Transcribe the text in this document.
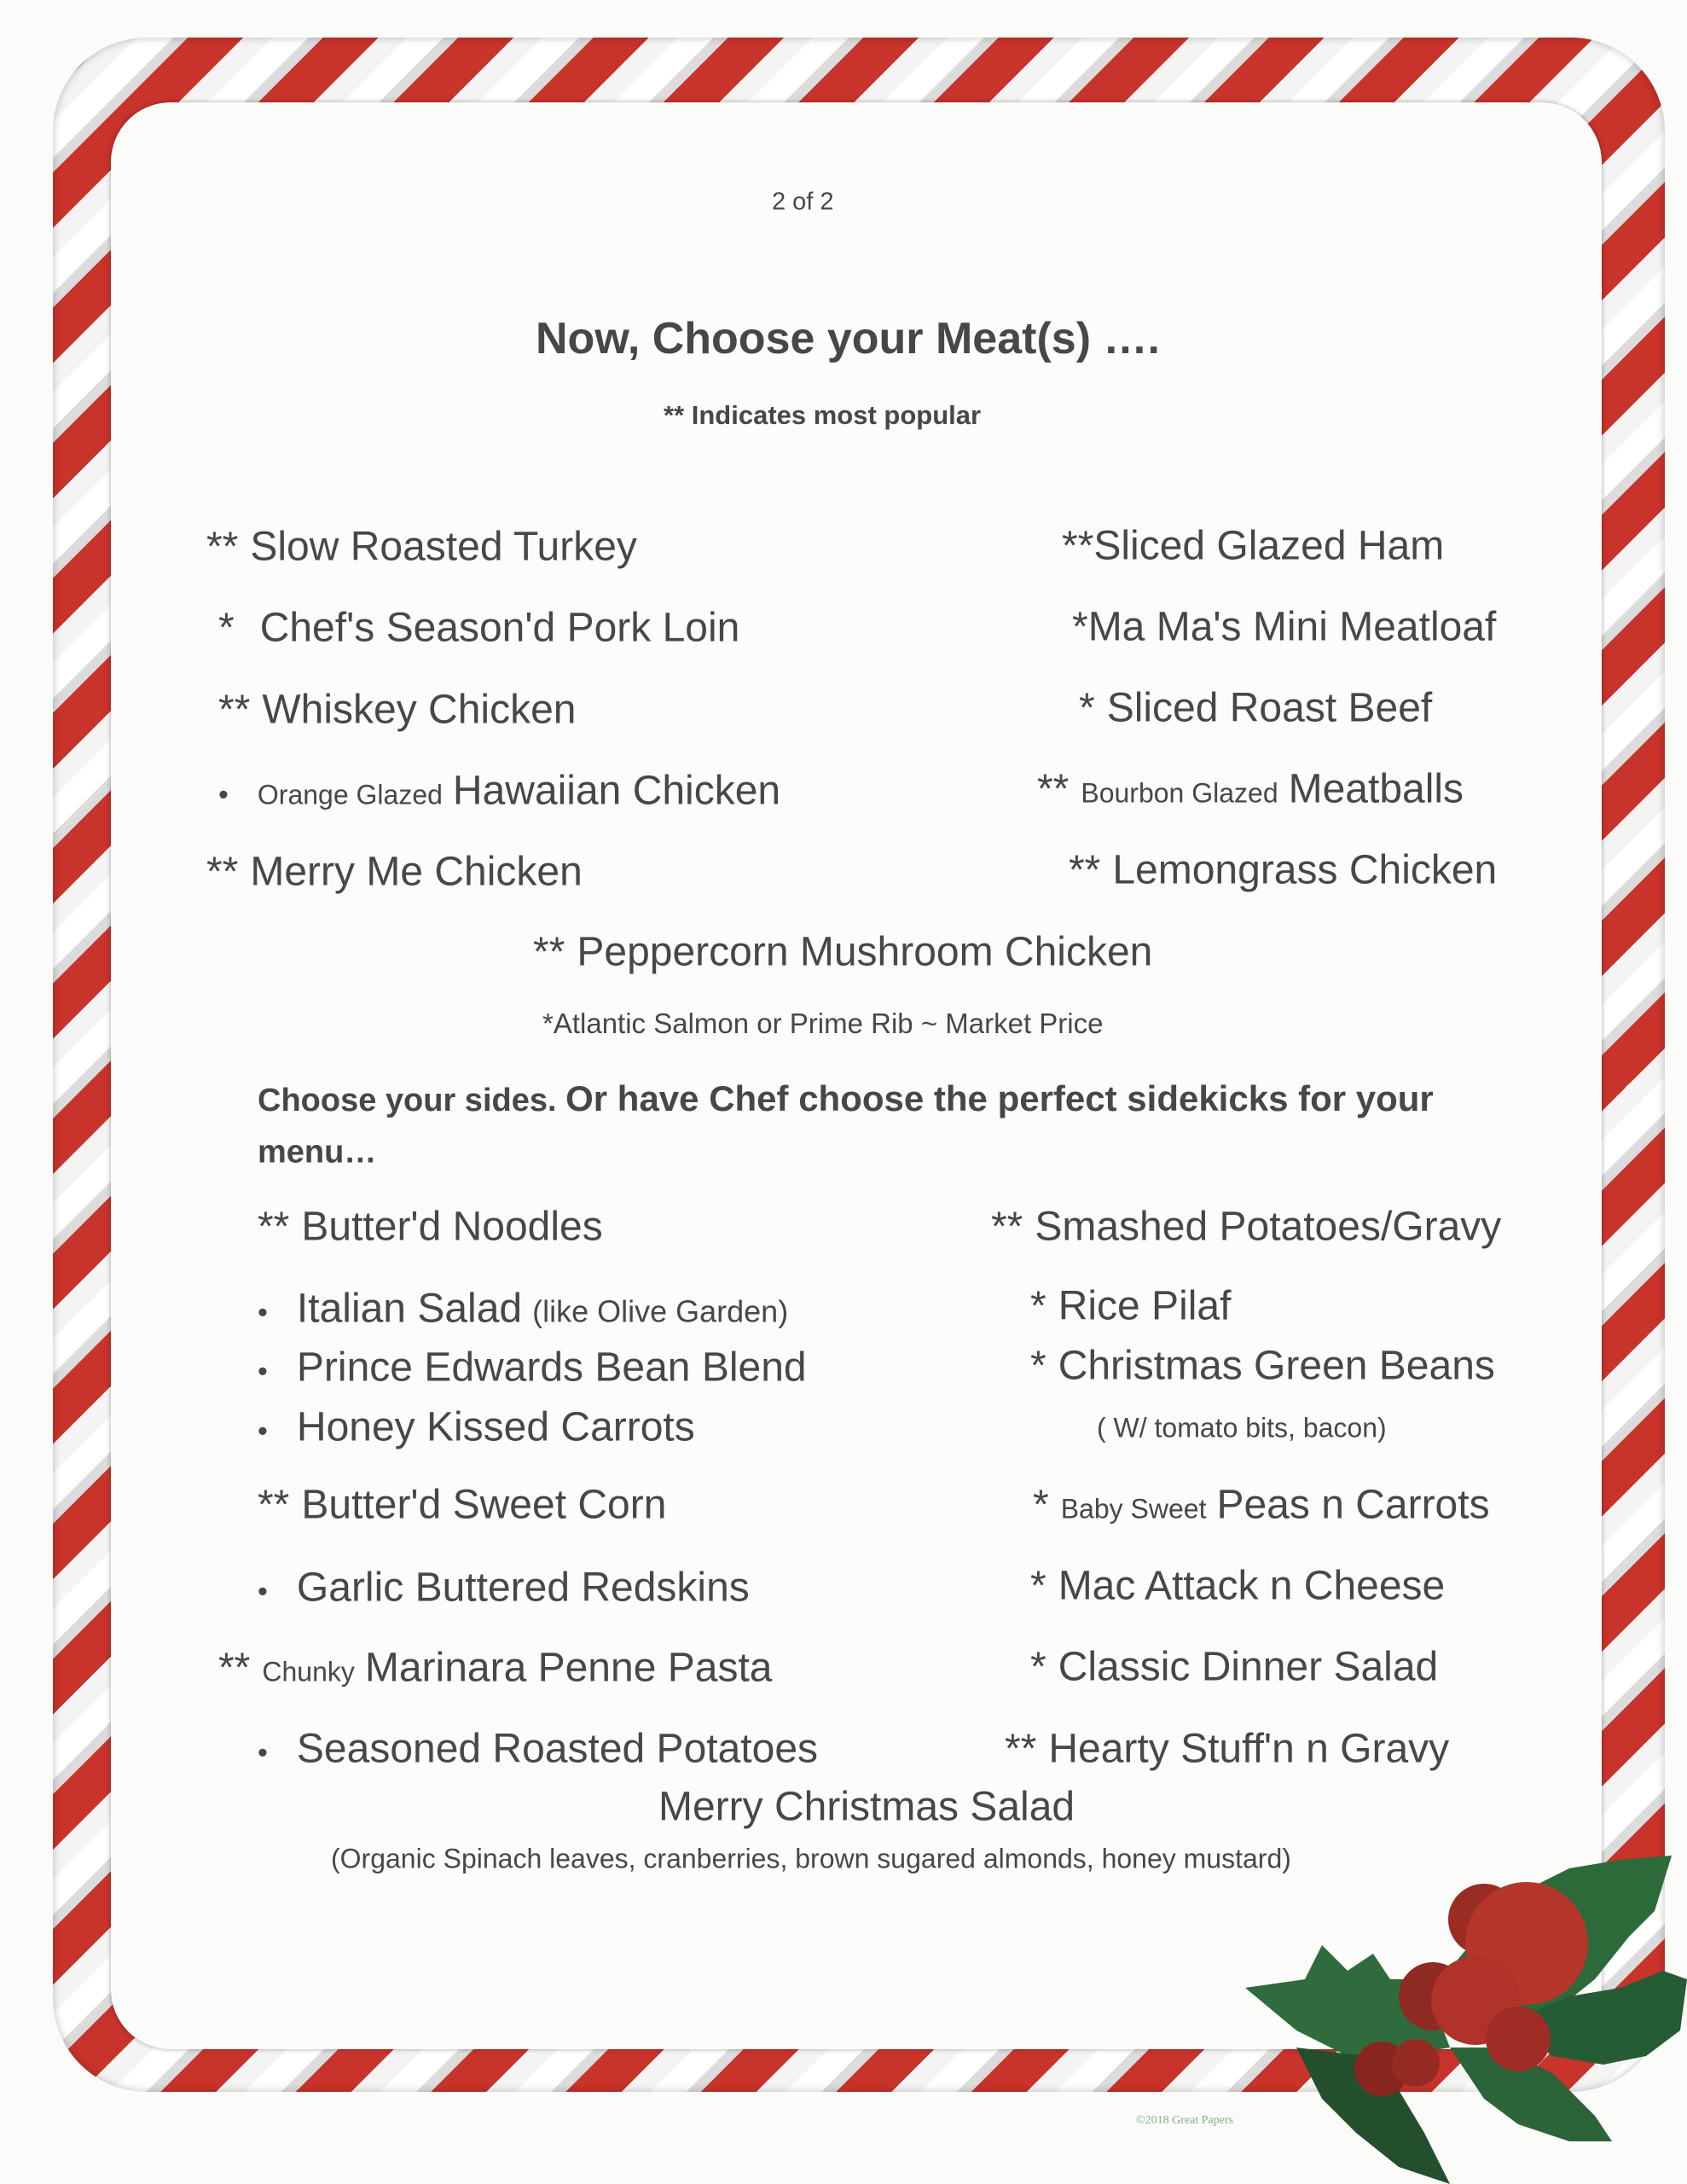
2 of 2
Now, Choose your Meat(s) ….
** Indicates most popular
** Slow Roasted Turkey
* Chef's Season'd Pork Loin
** Whiskey Chicken
• Orange Glazed Hawaiian Chicken
** Merry Me Chicken
**Sliced Glazed Ham
*Ma Ma's Mini Meatloaf
* Sliced Roast Beef
** Bourbon Glazed Meatballs
** Lemongrass Chicken
** Peppercorn Mushroom Chicken
*Atlantic Salmon or Prime Rib ~ Market Price
Choose your sides. Or have Chef choose the perfect sidekicks for your
menu…
** Butter'd Noodles
• Italian Salad (like Olive Garden)
• Prince Edwards Bean Blend
• Honey Kissed Carrots
** Butter'd Sweet Corn
• Garlic Buttered Redskins
** Chunky Marinara Penne Pasta
• Seasoned Roasted Potatoes
** Smashed Potatoes/Gravy
* Rice Pilaf
* Christmas Green Beans
( W/ tomato bits, bacon)
* Baby Sweet Peas n Carrots
* Mac Attack n Cheese
* Classic Dinner Salad
** Hearty Stuff'n n Gravy
Merry Christmas Salad
(Organic Spinach leaves, cranberries, brown sugared almonds, honey mustard)
©2018 Great Papers
